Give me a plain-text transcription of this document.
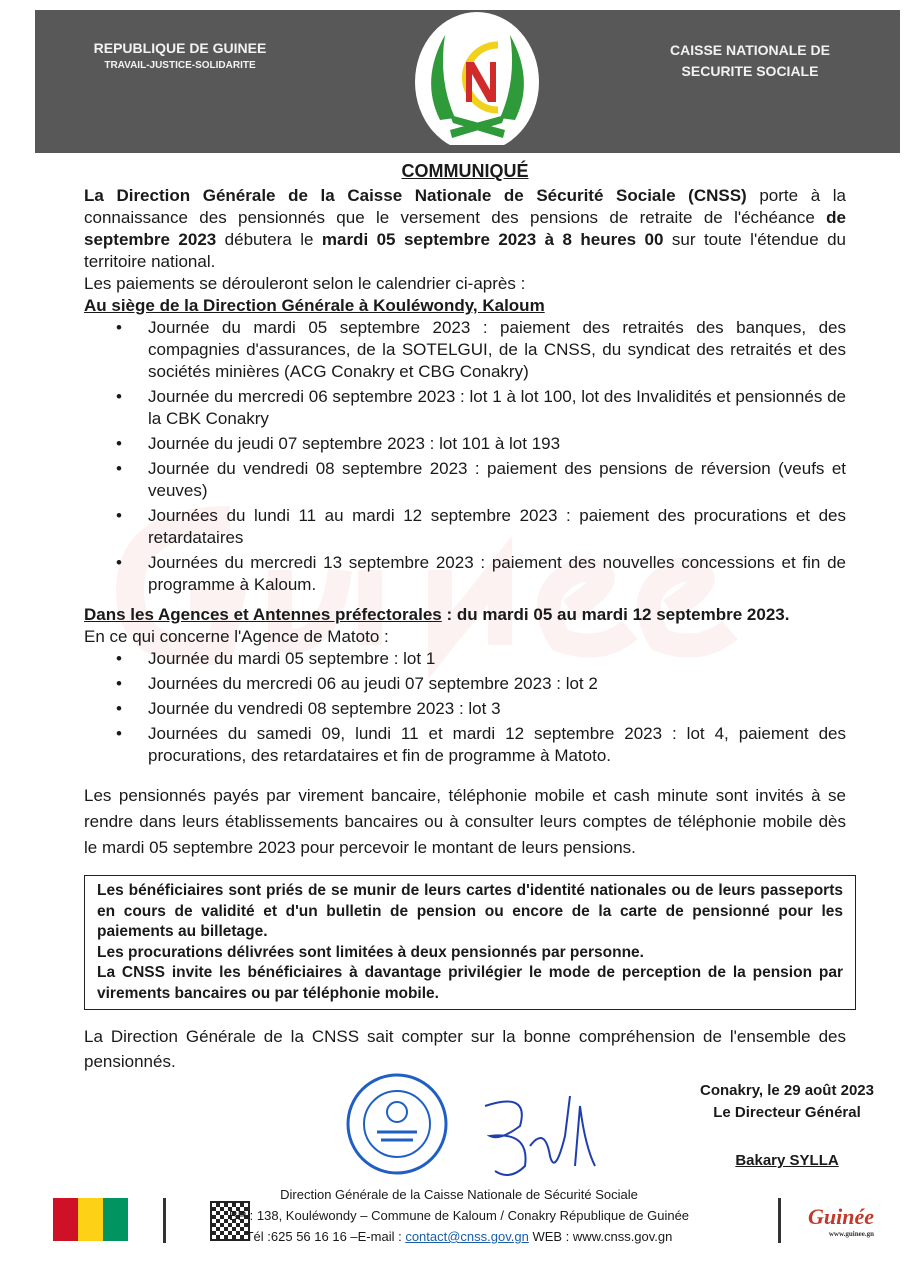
REPUBLIQUE DE GUINEE
TRAVAIL-JUSTICE-SOLIDARITE
CAISSE NATIONALE DE
SECURITE SOCIALE
COMMUNIQUÉ

La Direction Générale de la Caisse Nationale de Sécurité Sociale (CNSS) porte à la connaissance des pensionnés que le versement des pensions de retraite de l'échéance de septembre 2023 débutera le mardi 05 septembre 2023 à 8 heures 00 sur toute l'étendue du territoire national.

Les paiements se dérouleront selon le calendrier ci-après :

Au siège de la Direction Générale à Kouléwondy, Kaloum

• Journée du mardi 05 septembre 2023 : paiement des retraités des banques, des compagnies d'assurances, de la SOTELGUI, de la CNSS, du syndicat des retraités et des sociétés minières (ACG Conakry et CBG Conakry)
• Journée du mercredi 06 septembre 2023 : lot 1 à lot 100, lot des Invalidités et pensionnés de la CBK Conakry
• Journée du jeudi 07 septembre 2023 : lot 101 à lot 193
• Journée du vendredi 08 septembre 2023 : paiement des pensions de réversion (veufs et veuves)
• Journées du lundi 11 au mardi 12 septembre 2023 : paiement des procurations et des retardataires
• Journées du mercredi 13 septembre 2023 : paiement des nouvelles concessions et fin de programme à Kaloum.

Dans les Agences et Antennes préfectorales : du mardi 05 au mardi 12 septembre 2023.

En ce qui concerne l'Agence de Matoto :

• Journée du mardi 05 septembre : lot 1
• Journées du mercredi 06 au jeudi 07 septembre 2023 : lot 2
• Journée du vendredi 08 septembre 2023 : lot 3
• Journées du samedi 09, lundi 11 et mardi 12 septembre 2023 : lot 4, paiement des procurations, des retardataires et fin de programme à Matoto.
Les pensionnés payés par virement bancaire, téléphonie mobile et cash minute sont invités à se rendre dans leurs établissements bancaires ou à consulter leurs comptes de téléphonie mobile dès le mardi 05 septembre 2023 pour percevoir le montant de leurs pensions.

Les bénéficiaires sont priés de se munir de leurs cartes d'identité nationales ou de leurs passeports en cours de validité et d'un bulletin de pension ou encore de la carte de pensionné pour les paiements au billetage.

Les procurations délivrées sont limitées à deux pensionnés par personne.

La CNSS invite les bénéficiaires à davantage privilégier le mode de perception de la pension par virements bancaires ou par téléphonie mobile.

La Direction Générale de la CNSS sait compter sur la bonne compréhension de l'ensemble des pensionnés.
Conakry, le 29 août 2023
Le Directeur Général
Bakary SYLLA
Direction Générale de la Caisse Nationale de Sécurité Sociale
BP : 138, Kouléwondy – Commune de Kaloum / Conakry République de Guinée
Tél :625 56 16 16 –E-mail : contact@cnss.gov.gn WEB : www.cnss.gov.gn
Guinée
www.guinee.gn
